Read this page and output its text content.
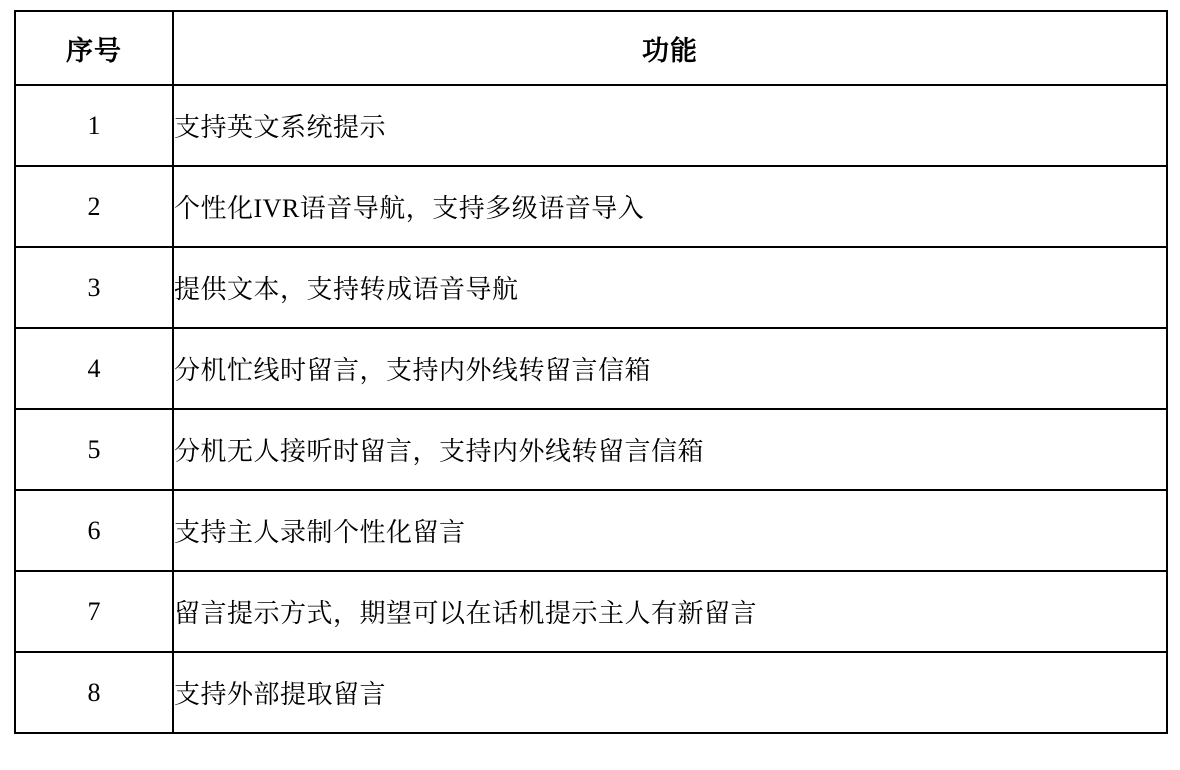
序号	功能
1	支持英文系统提示
2	个性化IVR语音导航，支持多级语音导入
3	提供文本，支持转成语音导航
4	分机忙线时留言，支持内外线转留言信箱
5	分机无人接听时留言，支持内外线转留言信箱
6	支持主人录制个性化留言
7	留言提示方式，期望可以在话机提示主人有新留言
8	支持外部提取留言
